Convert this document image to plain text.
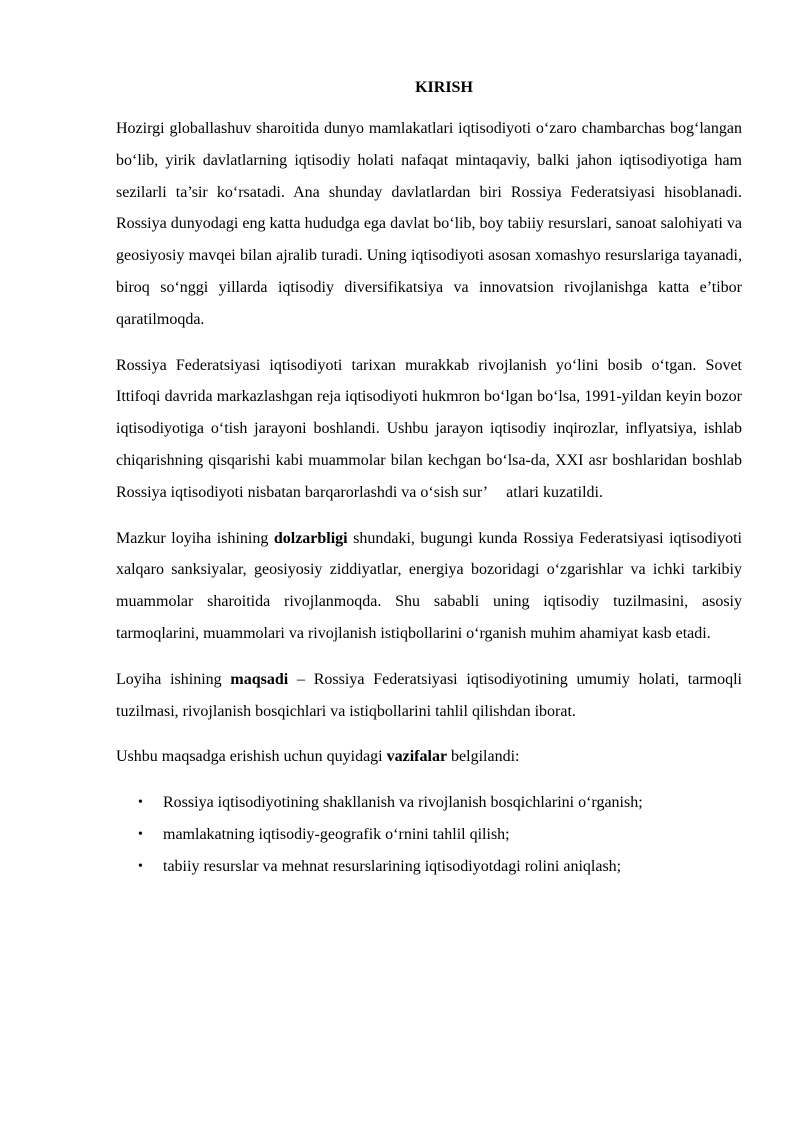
KIRISH

Hozirgi globallashuv sharoitida dunyo mamlakatlari iqtisodiyoti o‘zaro chambarchas bog‘langan bo‘lib, yirik davlatlarning iqtisodiy holati nafaqat mintaqaviy, balki jahon iqtisodiyotiga ham sezilarli ta’sir ko‘rsatadi. Ana shunday davlatlardan biri Rossiya Federatsiyasi hisoblanadi. Rossiya dunyodagi eng katta hududga ega davlat bo‘lib, boy tabiiy resurslari, sanoat salohiyati va geosiyosiy mavqei bilan ajralib turadi. Uning iqtisodiyoti asosan xomashyo resurslariga tayanadi, biroq so‘nggi yillarda iqtisodiy diversifikatsiya va innovatsion rivojlanishga katta e’tibor qaratilmoqda.

Rossiya Federatsiyasi iqtisodiyoti tarixan murakkab rivojlanish yo‘lini bosib o‘tgan. Sovet Ittifoqi davrida markazlashgan reja iqtisodiyoti hukmron bo‘lgan bo‘lsa, 1991-yildan keyin bozor iqtisodiyotiga o‘tish jarayoni boshlandi. Ushbu jarayon iqtisodiy inqirozlar, inflyatsiya, ishlab chiqarishning qisqarishi kabi muammolar bilan kechgan bo‘lsa-da, XXI asr boshlaridan boshlab Rossiya iqtisodiyoti nisbatan barqarorlashdi va o‘sish sur’ atlari kuzatildi.

Mazkur loyiha ishining dolzarbligi shundaki, bugungi kunda Rossiya Federatsiyasi iqtisodiyoti xalqaro sanksiyalar, geosiyosiy ziddiyatlar, energiya bozoridagi o‘zgarishlar va ichki tarkibiy muammolar sharoitida rivojlanmoqda. Shu sababli uning iqtisodiy tuzilmasini, asosiy tarmoqlarini, muammolari va rivojlanish istiqbollarini o‘rganish muhim ahamiyat kasb etadi.

Loyiha ishining maqsadi – Rossiya Federatsiyasi iqtisodiyotining umumiy holati, tarmoqli tuzilmasi, rivojlanish bosqichlari va istiqbollarini tahlil qilishdan iborat.

Ushbu maqsadga erishish uchun quyidagi vazifalar belgilandi:

• Rossiya iqtisodiyotining shakllanish va rivojlanish bosqichlarini o‘rganish;
• mamlakatning iqtisodiy-geografik o‘rnini tahlil qilish;
• tabiiy resurslar va mehnat resurslarining iqtisodiyotdagi rolini aniqlash;
